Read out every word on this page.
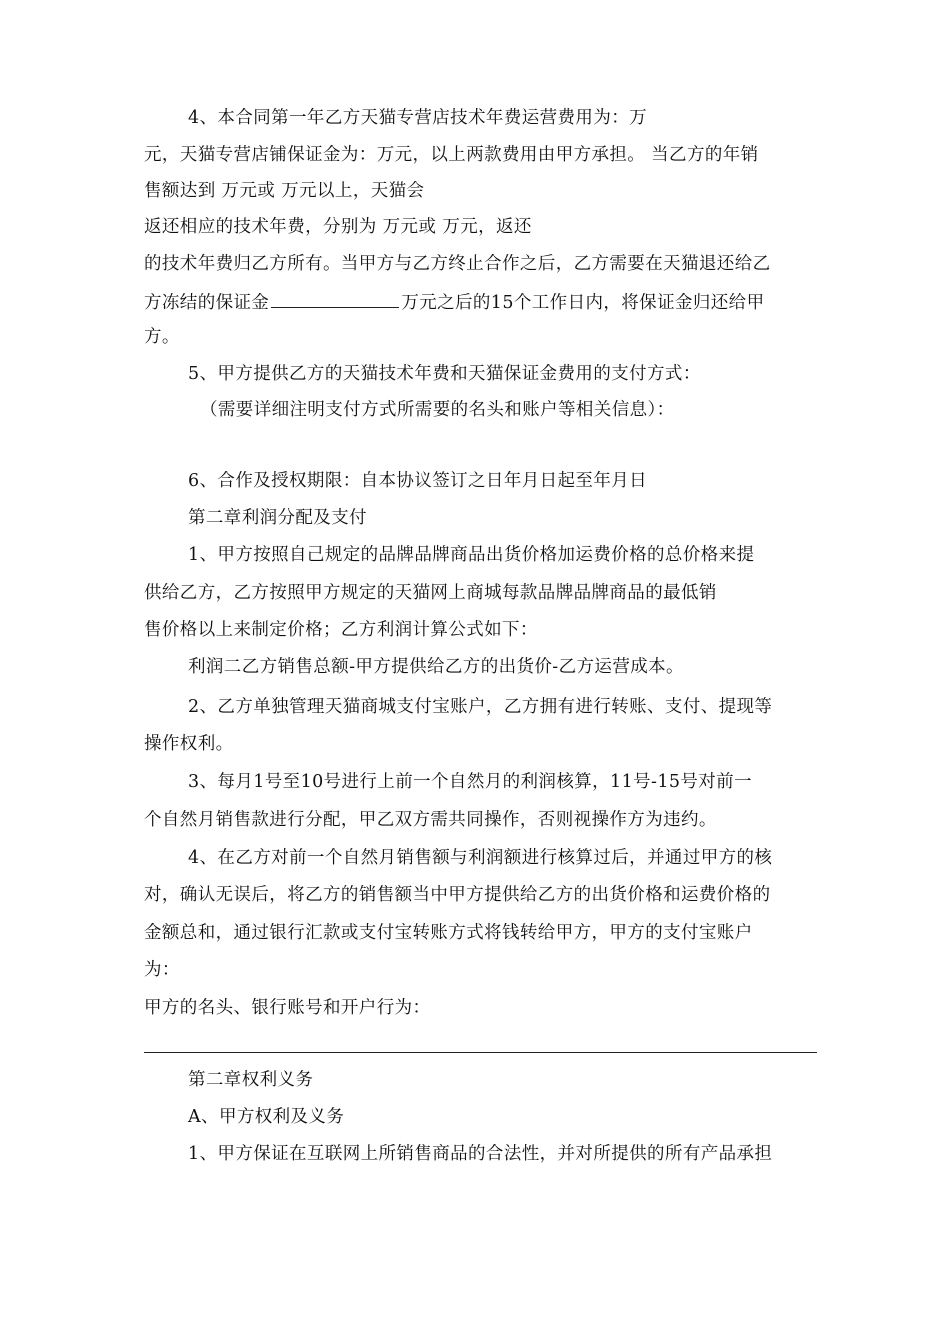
4、本合同第一年乙方天猫专营店技术年费运营费用为：万
元，天猫专营店铺保证金为：万元，以上两款费用由甲方承担。 当乙方的年销
售额达到 万元或 万元以上，天猫会
返还相应的技术年费，分别为 万元或 万元，返还
的技术年费归乙方所有。当甲方与乙方终止合作之后，乙方需要在天猫退还给乙
方冻结的保证金	万元之后的15个工作日内，将保证金归还给甲
方。
5、甲方提供乙方的天猫技术年费和天猫保证金费用的支付方式：
（需要详细注明支付方式所需要的名头和账户等相关信息）：
6、合作及授权期限：自本协议签订之日年月日起至年月日
第二章利润分配及支付
1、甲方按照自己规定的品牌品牌商品出货价格加运费价格的总价格来提
供给乙方，乙方按照甲方规定的天猫网上商城每款品牌品牌商品的最低销
售价格以上来制定价格；乙方利润计算公式如下：
利润二乙方销售总额-甲方提供给乙方的出货价-乙方运营成本。
2、乙方单独管理天猫商城支付宝账户，乙方拥有进行转账、支付、提现等
操作权利。
3、每月1号至10号进行上前一个自然月的利润核算，11号-15号对前一
个自然月销售款进行分配，甲乙双方需共同操作，否则视操作方为违约。
4、在乙方对前一个自然月销售额与利润额进行核算过后，并通过甲方的核
对，确认无误后，将乙方的销售额当中甲方提供给乙方的出货价格和运费价格的
金额总和，通过银行汇款或支付宝转账方式将钱转给甲方，甲方的支付宝账户
为：
甲方的名头、银行账号和开户行为：
第二章权利义务
A、甲方权利及义务
1、甲方保证在互联网上所销售商品的合法性，并对所提供的所有产品承担
